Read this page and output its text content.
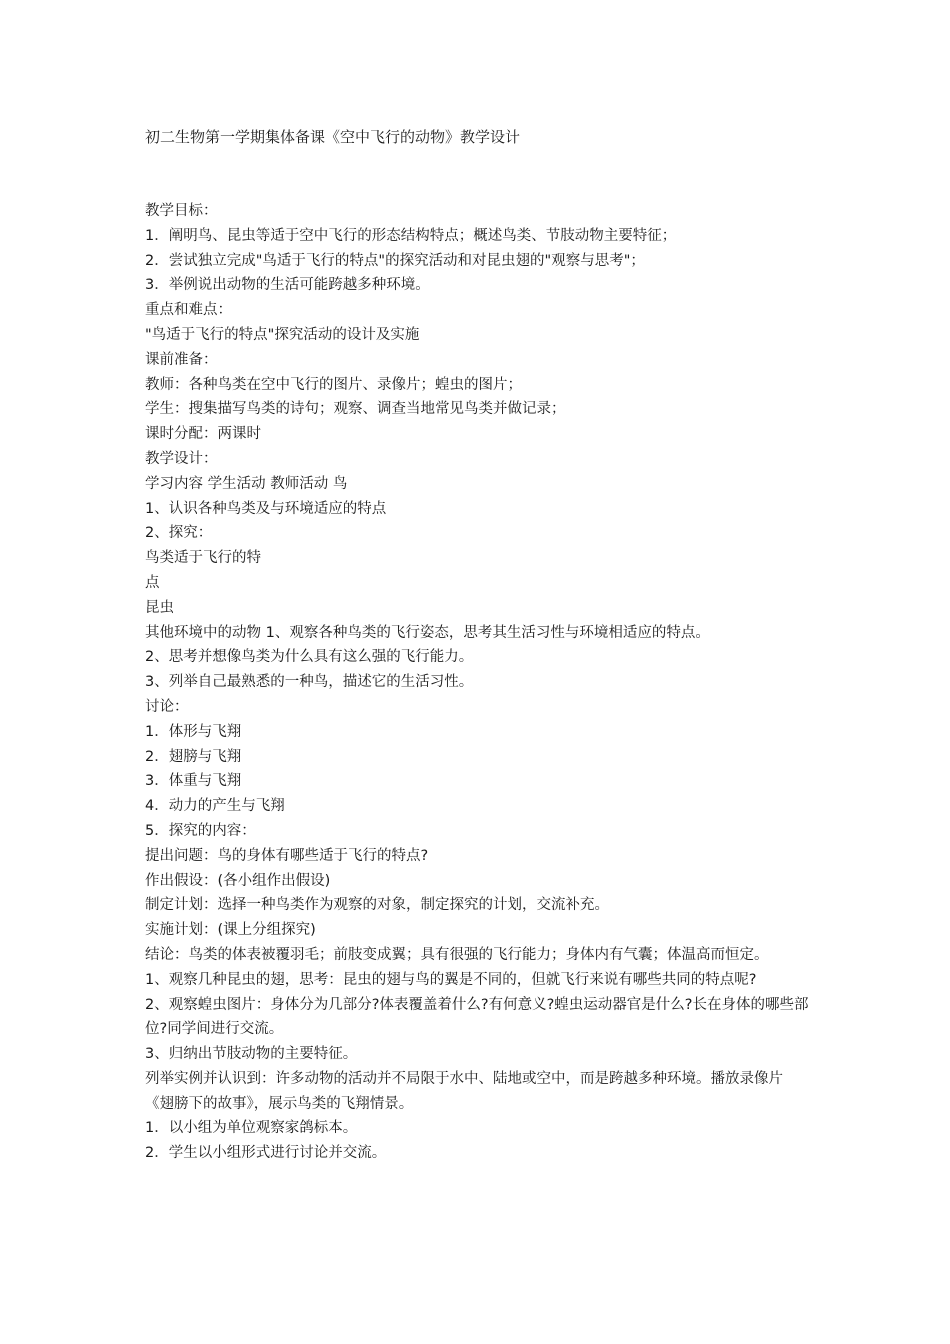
初二生物第一学期集体备课《空中飞行的动物》教学设计

教学目标：

1．阐明鸟、昆虫等适于空中飞行的形态结构特点；概述鸟类、节肢动物主要特征；

2．尝试独立完成"鸟适于飞行的特点"的探究活动和对昆虫翅的"观察与思考"；

3．举例说出动物的生活可能跨越多种环境。

重点和难点：

"鸟适于飞行的特点"探究活动的设计及实施

课前准备：

教师：各种鸟类在空中飞行的图片、录像片；蝗虫的图片；

学生：搜集描写鸟类的诗句；观察、调查当地常见鸟类并做记录；

课时分配：两课时

教学设计：

学习内容 学生活动 教师活动 鸟

1、认识各种鸟类及与环境适应的特点

2、探究：

鸟类适于飞行的特

点

昆虫

其他环境中的动物 1、观察各种鸟类的飞行姿态，思考其生活习性与环境相适应的特点。

2、思考并想像鸟类为什么具有这么强的飞行能力。

3、列举自己最熟悉的一种鸟，描述它的生活习性。

讨论：

1．体形与飞翔

2．翅膀与飞翔

3．体重与飞翔

4．动力的产生与飞翔

5．探究的内容：

提出问题：鸟的身体有哪些适于飞行的特点?

作出假设：(各小组作出假设)

制定计划：选择一种鸟类作为观察的对象，制定探究的计划，交流补充。

实施计划：(课上分组探究)

结论：鸟类的体表被覆羽毛；前肢变成翼；具有很强的飞行能力；身体内有气囊；体温高而恒定。

1、观察几种昆虫的翅，思考：昆虫的翅与鸟的翼是不同的，但就飞行来说有哪些共同的特点呢?

2、观察蝗虫图片：身体分为几部分?体表覆盖着什么?有何意义?蝗虫运动器官是什么?长在身体的哪些部位?同学间进行交流。

3、归纳出节肢动物的主要特征。

列举实例并认识到：许多动物的活动并不局限于水中、陆地或空中，而是跨越多种环境。播放录像片《翅膀下的故事》，展示鸟类的飞翔情景。

1．以小组为单位观察家鸽标本。

2．学生以小组形式进行讨论并交流。
